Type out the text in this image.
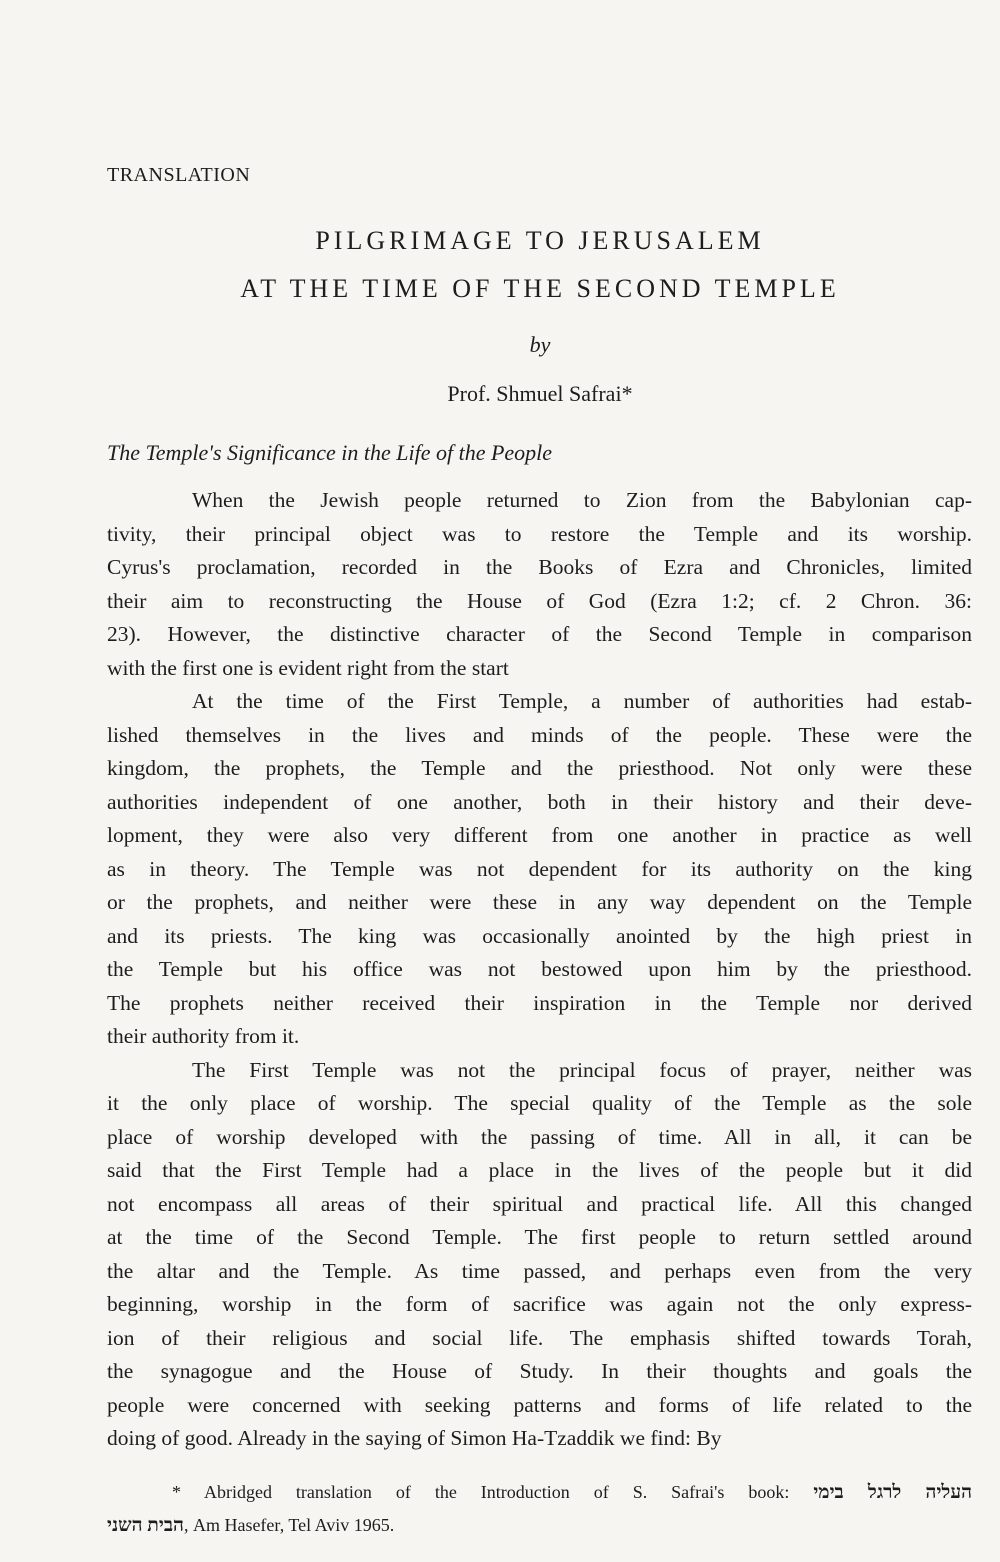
TRANSLATION
PILGRIMAGE TO JERUSALEM
AT THE TIME OF THE SECOND TEMPLE
by
Prof. Shmuel Safrai*
The Temple's Significance in the Life of the People
When the Jewish people returned to Zion from the Babylonian cap-
tivity, their principal object was to restore the Temple and its worship.
Cyrus's proclamation, recorded in the Books of Ezra and Chronicles, limited
their aim to reconstructing the House of God (Ezra 1:2; cf. 2 Chron. 36:
23). However, the distinctive character of the Second Temple in comparison
with the first one is evident right from the start
At the time of the First Temple, a number of authorities had estab-
lished themselves in the lives and minds of the people. These were the
kingdom, the prophets, the Temple and the priesthood. Not only were these
authorities independent of one another, both in their history and their deve-
lopment, they were also very different from one another in practice as well
as in theory. The Temple was not dependent for its authority on the king
or the prophets, and neither were these in any way dependent on the Temple
and its priests. The king was occasionally anointed by the high priest in
the Temple but his office was not bestowed upon him by the priesthood.
The prophets neither received their inspiration in the Temple nor derived
their authority from it.
The First Temple was not the principal focus of prayer, neither was
it the only place of worship. The special quality of the Temple as the sole
place of worship developed with the passing of time. All in all, it can be
said that the First Temple had a place in the lives of the people but it did
not encompass all areas of their spiritual and practical life. All this changed
at the time of the Second Temple. The first people to return settled around
the altar and the Temple. As time passed, and perhaps even from the very
beginning, worship in the form of sacrifice was again not the only express-
ion of their religious and social life. The emphasis shifted towards Torah,
the synagogue and the House of Study. In their thoughts and goals the
people were concerned with seeking patterns and forms of life related to the
doing of good. Already in the saying of Simon Ha-Tzaddik we find: By
* Abridged translation of the Introduction of S. Safrai's book: העליה לרגל בימי
הבית השני, Am Hasefer, Tel Aviv 1965.
